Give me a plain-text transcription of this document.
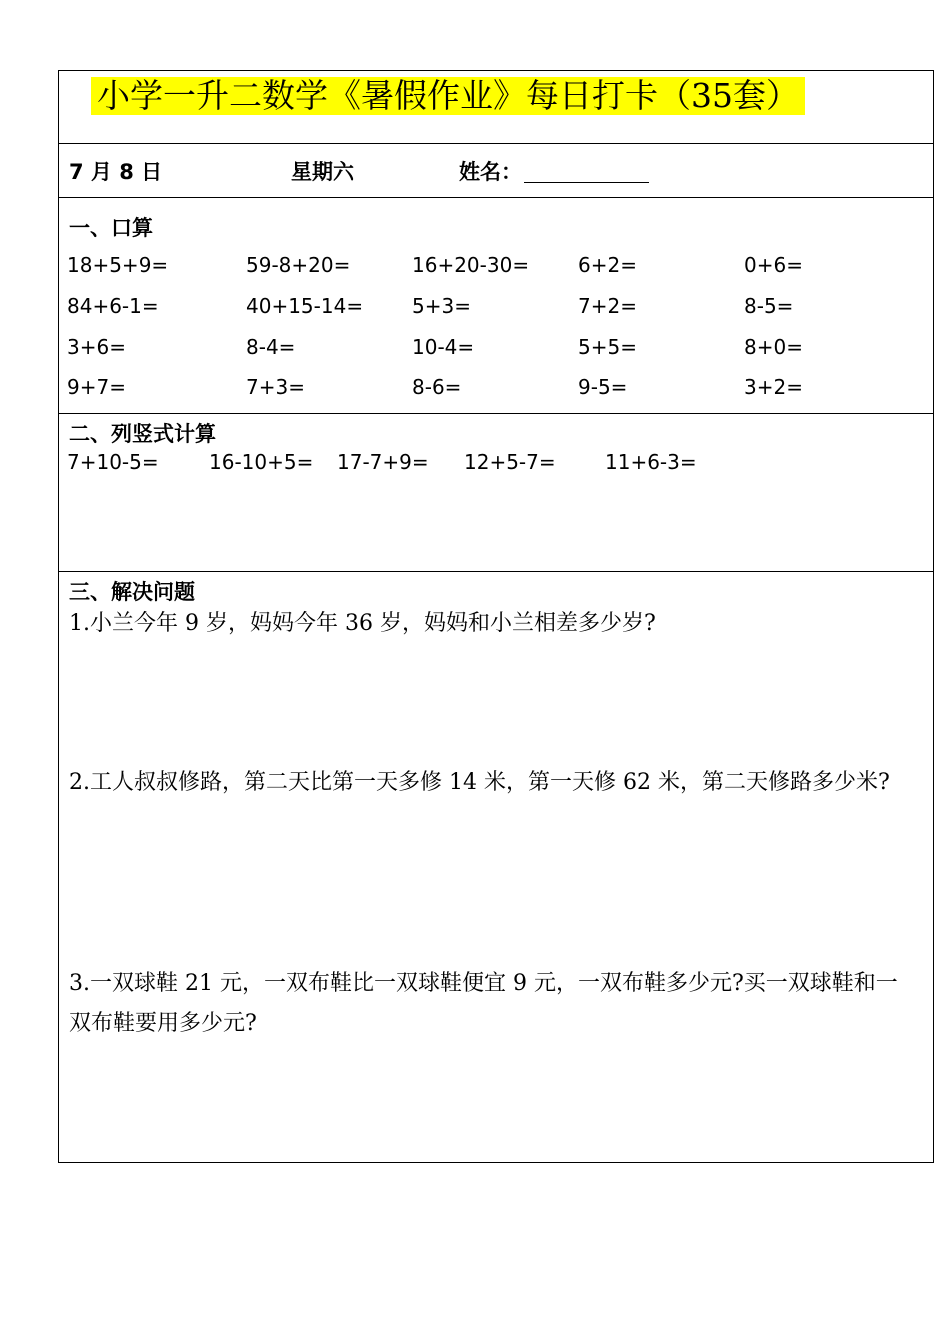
小学一升二数学《暑假作业》每日打卡（35套）
7 月 8 日	星期六	姓名：
一、口算
18+5+9=	59-8+20=	16+20-30= 6+2=	0+6=
84+6-1=	40+15-14= 5+3=	7+2=	8-5=
3+6=	8-4=	10-4=	5+5=	8+0=
9+7=	7+3=	8-6=	9-5=	3+2=
二、列竖式计算
7+10-5=	16-10+5= 17-7+9= 12+5-7= 11+6-3=
三、解决问题
1.小兰今年 9 岁，妈妈今年 36 岁，妈妈和小兰相差多少岁?
2.工人叔叔修路，第二天比第一天多修 14 米，第一天修 62 米，第二天修路多少米?
3.一双球鞋 21 元，一双布鞋比一双球鞋便宜 9 元，一双布鞋多少元?买一双球鞋和一双布鞋要用多少元?
